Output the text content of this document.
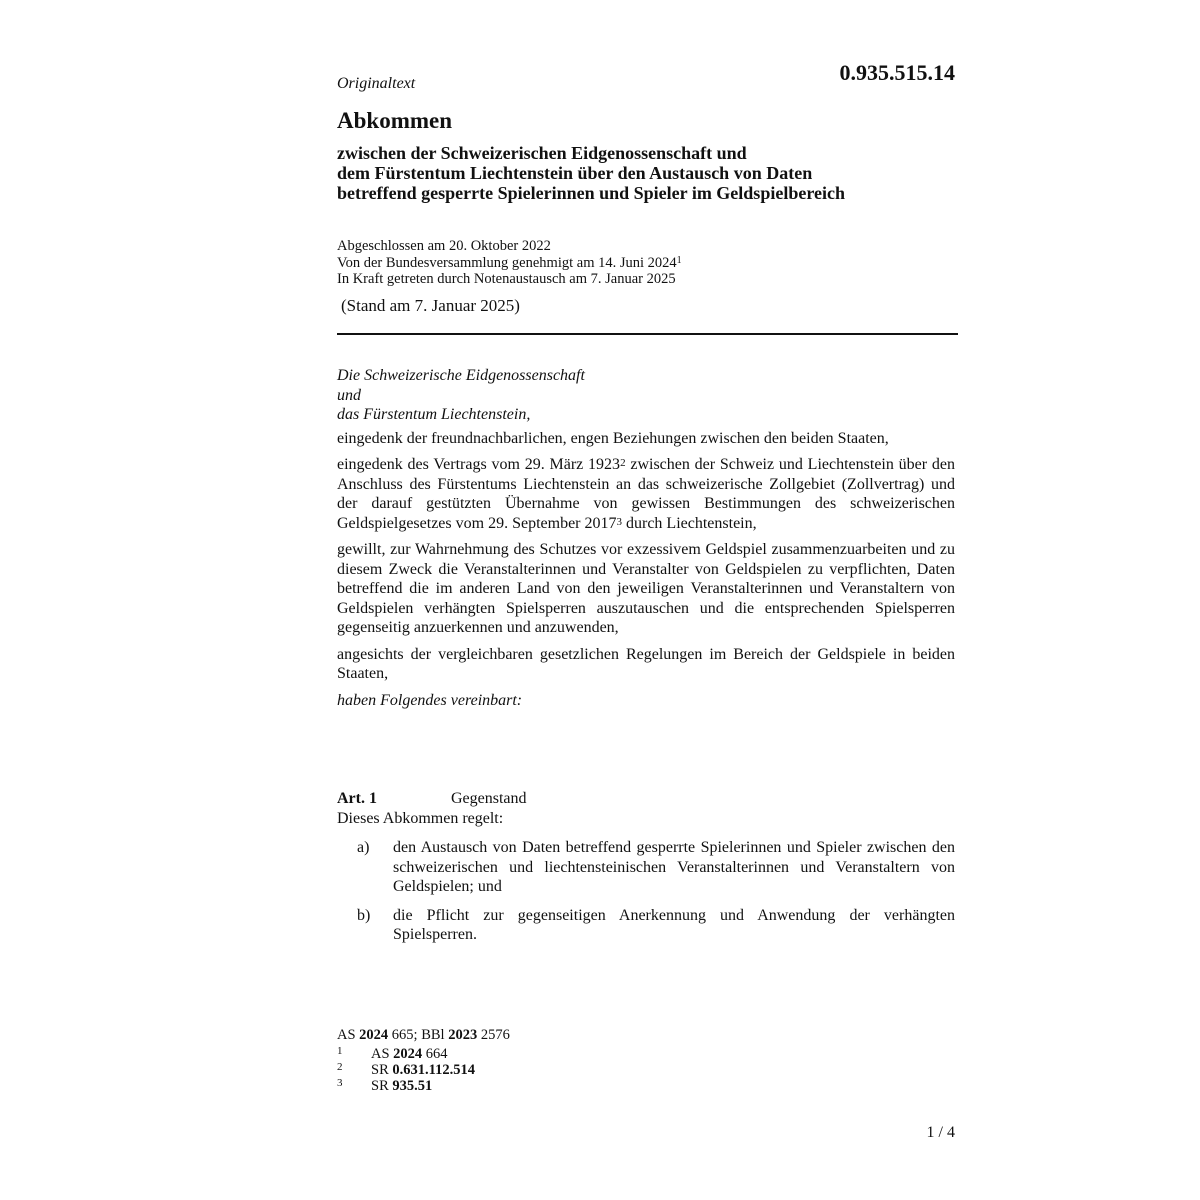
0.935.515.14
Originaltext
Abkommen
zwischen der Schweizerischen Eidgenossenschaft und
dem Fürstentum Liechtenstein über den Austausch von Daten
betreffend gesperrte Spielerinnen und Spieler im Geldspielbereich
Abgeschlossen am 20. Oktober 2022
Von der Bundesversammlung genehmigt am 14. Juni 2024$^1$
In Kraft getreten durch Notenaustausch am 7. Januar 2025
(Stand am 7. Januar 2025)
Die Schweizerische Eidgenossenschaft
und
das Fürstentum Liechtenstein,

eingedenk der freundnachbarlichen, engen Beziehungen zwischen den beiden Staaten,

eingedenk des Vertrags vom 29. März 1923$^2$ zwischen der Schweiz und Liechtenstein über den Anschluss des Fürstentums Liechtenstein an das schweizerische Zollgebiet (Zollvertrag) und der darauf gestützten Übernahme von gewissen Bestimmungen des schweizerischen Geldspielgesetzes vom 29. September 2017$^3$ durch Liechtenstein,

gewillt, zur Wahrnehmung des Schutzes vor exzessivem Geldspiel zusammenzuarbeiten und zu diesem Zweck die Veranstalterinnen und Veranstalter von Geldspielen zu verpflichten, Daten betreffend die im anderen Land von den jeweiligen Veranstalterinnen und Veranstaltern von Geldspielen verhängten Spielsperren auszutauschen und die entsprechenden Spielsperren gegenseitig anzuerkennen und anzuwenden,

angesichts der vergleichbaren gesetzlichen Regelungen im Bereich der Geldspiele in beiden Staaten,

haben Folgendes vereinbart:

Art. 1	Gegenstand
Dieses Abkommen regelt:
a)	den Austausch von Daten betreffend gesperrte Spielerinnen und Spieler zwischen den schweizerischen und liechtensteinischen Veranstalterinnen und Veranstaltern von Geldspielen; und
b)	die Pflicht zur gegenseitigen Anerkennung und Anwendung der verhängten Spielsperren.
AS 2024 665; BBl 2023 2576
1	AS 2024 664
2	SR 0.631.112.514
3	SR 935.51
1 / 4
